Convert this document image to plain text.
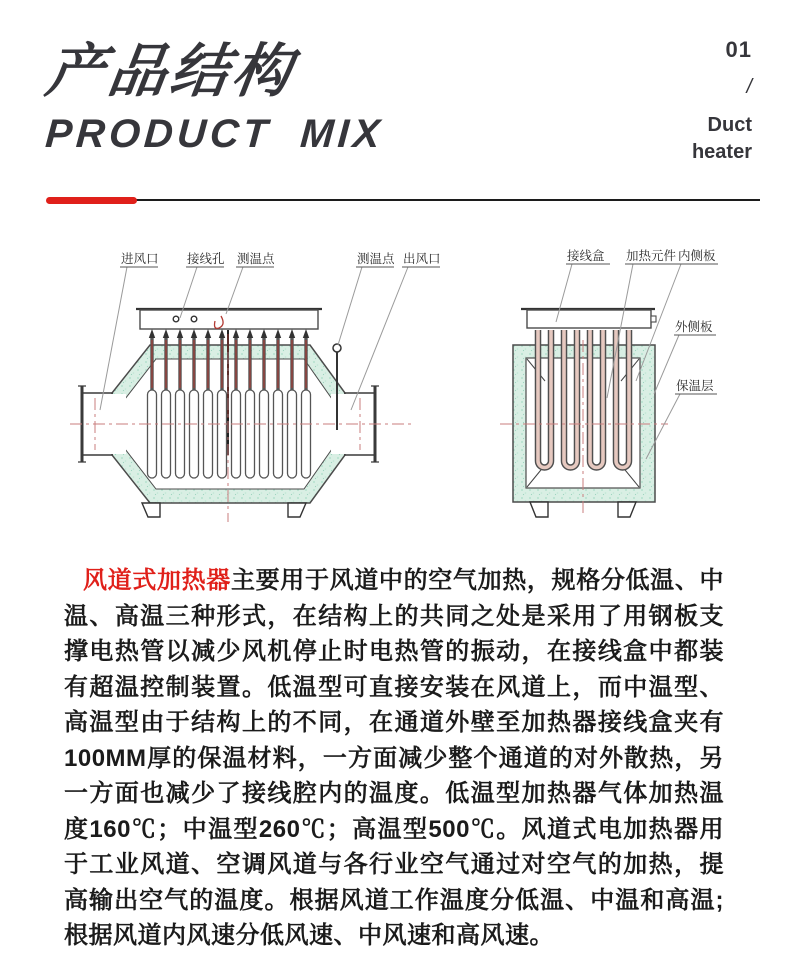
产品结构
PRODUCT MIX
01
/
Duct
heater
进风口 接线孔 测温点	测温点 出风口	接线盒 加热元件 内侧板
外侧板
保温层

风道式加热器主要用于风道中的空气加热，规格分低温、中温、高温三种形式，在结构上的共同之处是采用了用钢板支撑电热管以减少风机停止时电热管的振动，在接线盒中都装有超温控制装置。低温型可直接安装在风道上，而中温型、高温型由于结构上的不同，在通道外壁至加热器接线盒夹有100MM厚的保温材料，一方面减少整个通道的对外散热，另一方面也减少了接线腔内的温度。低温型加热器气体加热温度160℃；中温型260℃；高温型500℃。风道式电加热器用于工业风道、空调风道与各行业空气通过对空气的加热，提高输出空气的温度。根据风道工作温度分低温、中温和高温;根据风道内风速分低风速、中风速和高风速。
